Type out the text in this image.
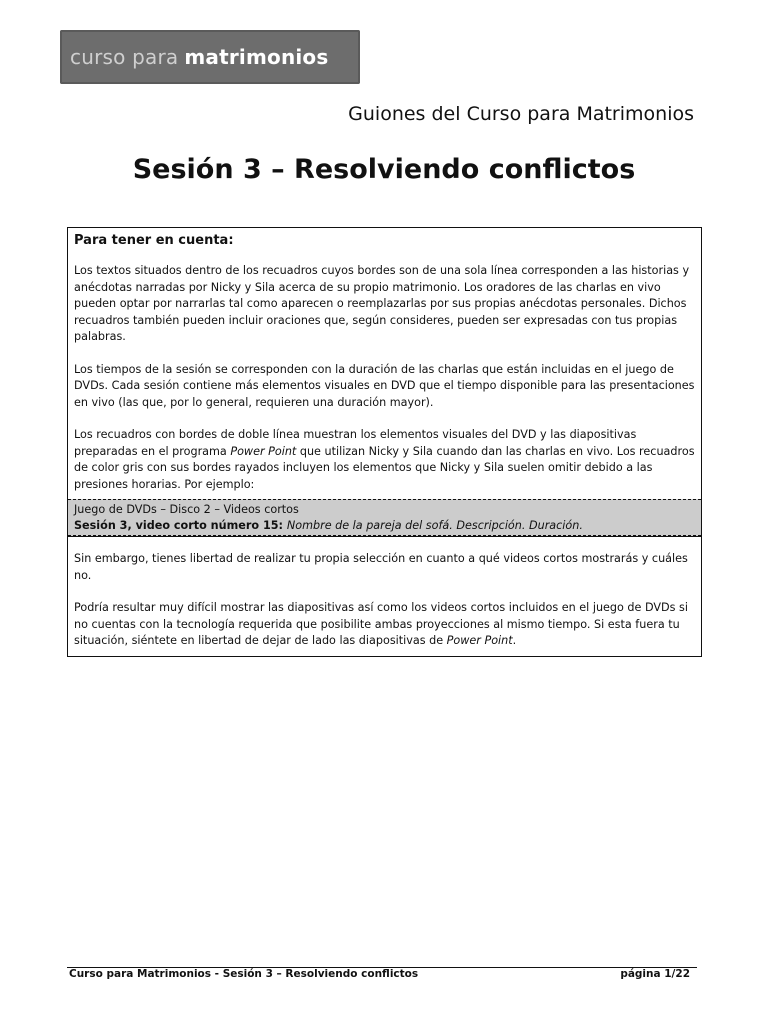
curso para matrimonios
Guiones del Curso para Matrimonios
Sesión 3 – Resolviendo conflictos
Para tener en cuenta:

Los textos situados dentro de los recuadros cuyos bordes son de una sola línea corresponden a las historias y anécdotas narradas por Nicky y Sila acerca de su propio matrimonio. Los oradores de las charlas en vivo pueden optar por narrarlas tal como aparecen o reemplazarlas por sus propias anécdotas personales. Dichos recuadros también pueden incluir oraciones que, según consideres, pueden ser expresadas con tus propias palabras.

Los tiempos de la sesión se corresponden con la duración de las charlas que están incluidas en el juego de DVDs. Cada sesión contiene más elementos visuales en DVD que el tiempo disponible para las presentaciones en vivo (las que, por lo general, requieren una duración mayor).

Los recuadros con bordes de doble línea muestran los elementos visuales del DVD y las diapositivas preparadas en el programa Power Point que utilizan Nicky y Sila cuando dan las charlas en vivo. Los recuadros de color gris con sus bordes rayados incluyen los elementos que Nicky y Sila suelen omitir debido a las presiones horarias. Por ejemplo:

Juego de DVDs – Disco 2 – Videos cortos
Sesión 3, video corto número 15: Nombre de la pareja del sofá. Descripción. Duración.

Sin embargo, tienes libertad de realizar tu propia selección en cuanto a qué videos cortos mostrarás y cuáles no.

Podría resultar muy difícil mostrar las diapositivas así como los videos cortos incluidos en el juego de DVDs si no cuentas con la tecnología requerida que posibilite ambas proyecciones al mismo tiempo. Si esta fuera tu situación, siéntete en libertad de dejar de lado las diapositivas de Power Point.

Curso para Matrimonios - Sesión 3 – Resolviendo conflictos	página 1/22
